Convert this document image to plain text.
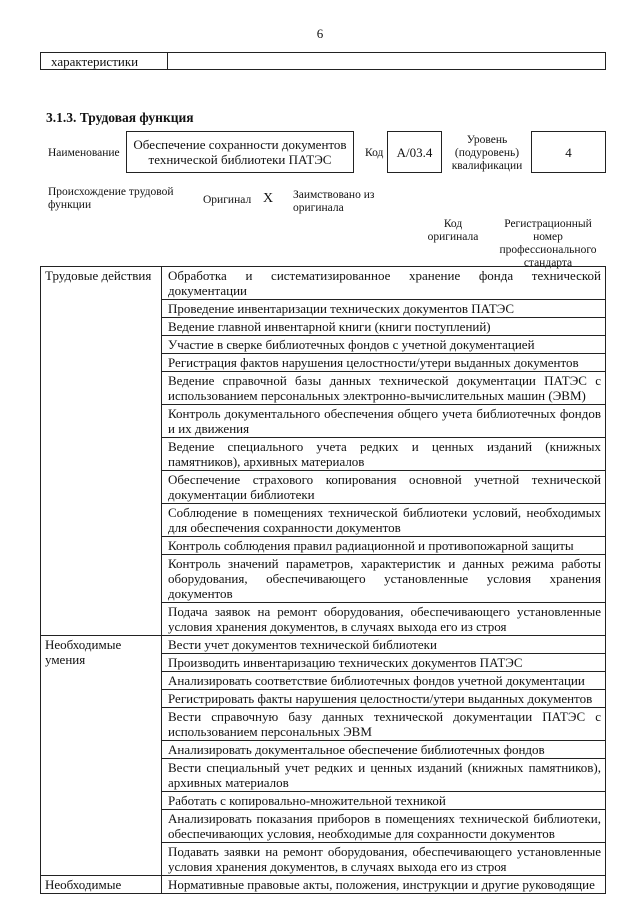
6
характеристики
3.1.3. Трудовая функция
Наименование
Обеспечение сохранности документов технической библиотеки ПАТЭС	Код	А/03.4
Уровень (подуровень) квалификации
4
Происхождение трудовой функции	Оригинал X Заимствовано из оригинала
Код оригинала
Регистрационный номер профессионального стандарта
Трудовые действия	Обработка и систематизированное хранение фонда технической документации
	Проведение инвентаризации технических документов ПАТЭС
	Ведение главной инвентарной книги (книги поступлений)
	Участие в сверке библиотечных фондов с учетной документацией
	Регистрация фактов нарушения целостности/утери выданных документов
	Ведение справочной базы данных технической документации ПАТЭС с использованием персональных электронно-вычислительных машин (ЭВМ)
	Контроль документального обеспечения общего учета библиотечных фондов и их движения
	Ведение специального учета редких и ценных изданий (книжных памятников), архивных материалов
	Обеспечение страхового копирования основной учетной технической документации библиотеки
	Соблюдение в помещениях технической библиотеки условий, необходимых для обеспечения сохранности документов
	Контроль соблюдения правил радиационной и противопожарной защиты
	Контроль значений параметров, характеристик и данных режима работы оборудования, обеспечивающего установленные условия хранения документов
	Подача заявок на ремонт оборудования, обеспечивающего установленные условия хранения документов, в случаях выхода его из строя
Необходимые умения	Вести учет документов технической библиотеки
	Производить инвентаризацию технических документов ПАТЭС
	Анализировать соответствие библиотечных фондов учетной документации
	Регистрировать факты нарушения целостности/утери выданных документов
	Вести справочную базу данных технической документации ПАТЭС с использованием персональных ЭВМ
	Анализировать документальное обеспечение библиотечных фондов
	Вести специальный учет редких и ценных изданий (книжных памятников), архивных материалов
	Работать с копировально-множительной техникой
	Анализировать показания приборов в помещениях технической библиотеки, обеспечивающих условия, необходимые для сохранности документов
	Подавать заявки на ремонт оборудования, обеспечивающего установленные условия хранения документов, в случаях выхода его из строя
Необходимые	Нормативные правовые акты, положения, инструкции и другие руководящие
